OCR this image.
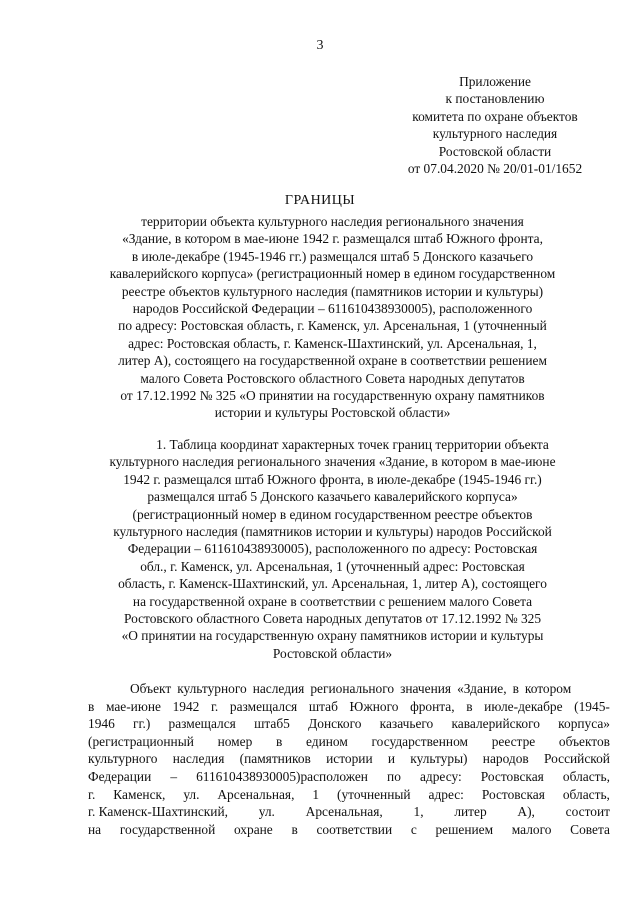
3
Приложение
к постановлению
комитета по охране объектов
культурного наследия
Ростовской области
от 07.04.2020 № 20/01-01/1652
ГРАНИЦЫ
территории объекта культурного наследия регионального значения
«Здание, в котором в мае-июне 1942 г. размещался штаб Южного фронта,
в июле-декабре (1945-1946 гг.) размещался штаб 5 Донского казачьего
кавалерийского корпуса» (регистрационный номер в едином государственном
реестре объектов культурного наследия (памятников истории и культуры)
народов Российской Федерации – 611610438930005), расположенного
по адресу: Ростовская область, г. Каменск, ул. Арсенальная, 1 (уточненный
адрес: Ростовская область, г. Каменск-Шахтинский, ул. Арсенальная, 1,
литер А), состоящего на государственной охране в соответствии решением
малого Совета Ростовского областного Совета народных депутатов
от 17.12.1992 № 325 «О принятии на государственную охрану памятников
истории и культуры Ростовской области»
1. Таблица координат характерных точек границ территории объекта
культурного наследия регионального значения «Здание, в котором в мае-июне
1942 г. размещался штаб Южного фронта, в июле-декабре (1945-1946 гг.)
размещался штаб 5 Донского казачьего кавалерийского корпуса»
(регистрационный номер в едином государственном реестре объектов
культурного наследия (памятников истории и культуры) народов Российской
Федерации – 611610438930005), расположенного по адресу: Ростовская
обл., г. Каменск, ул. Арсенальная, 1 (уточненный адрес: Ростовская
область, г. Каменск-Шахтинский, ул. Арсенальная, 1, литер А), состоящего
на государственной охране в соответствии с решением малого Совета
Ростовского областного Совета народных депутатов от 17.12.1992 № 325
«О принятии на государственную охрану памятников истории и культуры
Ростовской области»
Объект культурного наследия регионального значения «Здание, в котором
в мае-июне 1942 г. размещался штаб Южного фронта, в июле-декабре (1945-
1946 гг.) размещался штаб5 Донского казачьего кавалерийского корпуса»
(регистрационный номер в едином государственном реестре объектов
культурного наследия (памятников истории и культуры) народов Российской
Федерации – 611610438930005)расположен по адресу: Ростовская область,
г. Каменск, ул. Арсенальная, 1 (уточненный адрес: Ростовская область,
г. Каменск-Шахтинский, ул. Арсенальная, 1, литер А), состоит
на государственной охране в соответствии с решением малого Совета
